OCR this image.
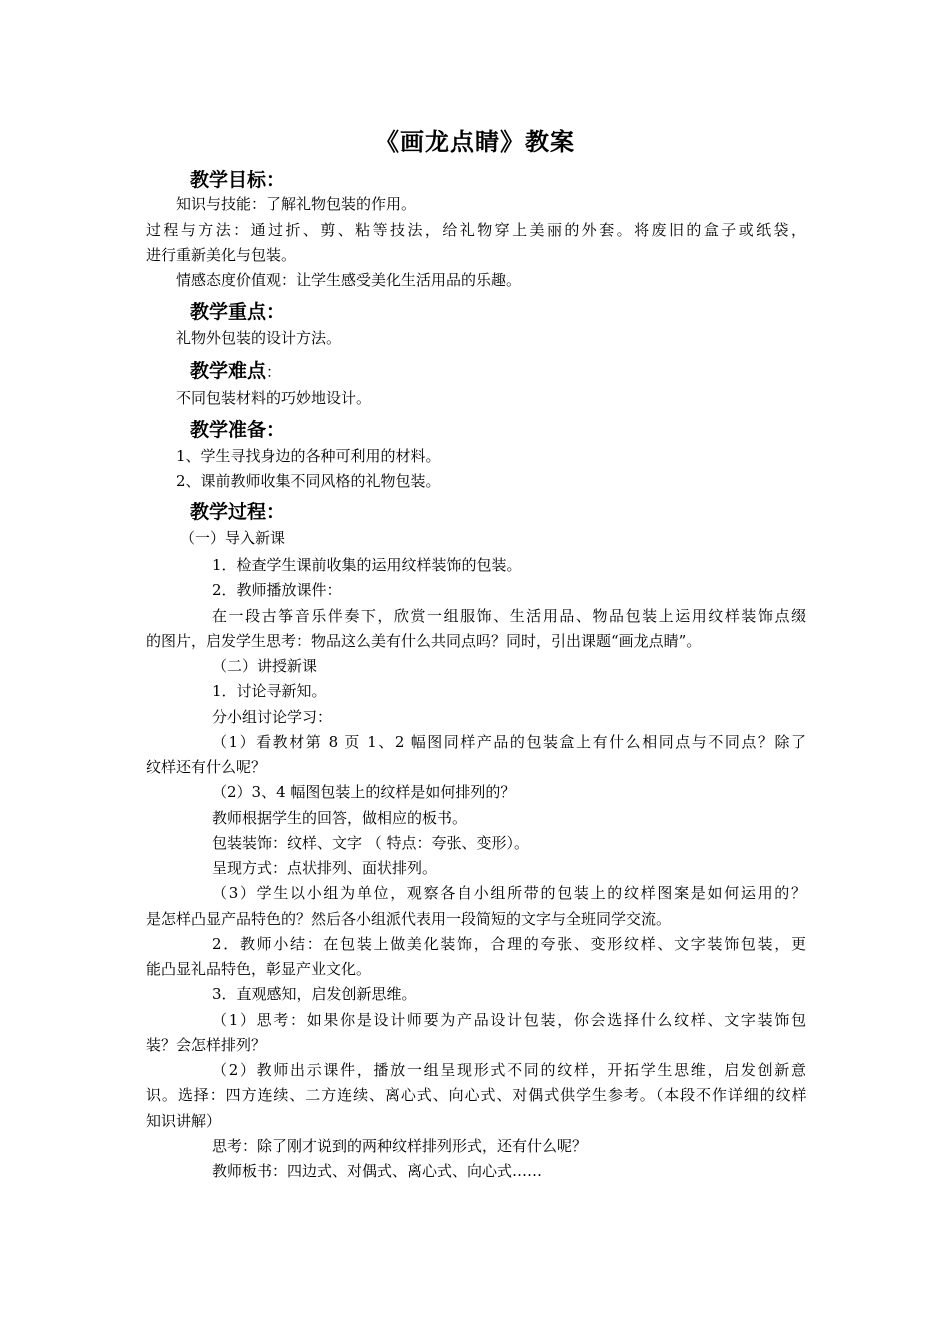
《画龙点睛》教案
教学目标：
知识与技能：了解礼物包装的作用。
过程与方法：通过折、剪、粘等技法，给礼物穿上美丽的外套。将废旧的盒子或纸袋，
进行重新美化与包装。
情感态度价值观：让学生感受美化生活用品的乐趣。
教学重点：
礼物外包装的设计方法。
教学难点：
不同包装材料的巧妙地设计。
教学准备：
1、学生寻找身边的各种可利用的材料。
2、课前教师收集不同风格的礼物包装。
教学过程：
（一）导入新课
1．检查学生课前收集的运用纹样装饰的包装。
2．教师播放课件：
在一段古筝音乐伴奏下，欣赏一组服饰、生活用品、物品包装上运用纹样装饰点缀
的图片，启发学生思考：物品这么美有什么共同点吗？同时，引出课题“画龙点睛”。
（二）讲授新课
1．讨论寻新知。
分小组讨论学习：
（1）看教材第 8 页 1、2 幅图同样产品的包装盒上有什么相同点与不同点？除了
纹样还有什么呢？
（2）3、4 幅图包装上的纹样是如何排列的？
教师根据学生的回答，做相应的板书。
包装装饰：纹样、文字 （ 特点：夸张、变形）。
呈现方式：点状排列、面状排列。
（3）学生以小组为单位，观察各自小组所带的包装上的纹样图案是如何运用的？
是怎样凸显产品特色的？然后各小组派代表用一段简短的文字与全班同学交流。
2．教师小结：在包装上做美化装饰，合理的夸张、变形纹样、文字装饰包装，更
能凸显礼品特色，彰显产业文化。
3．直观感知，启发创新思维。
（1）思考：如果你是设计师要为产品设计包装，你会选择什么纹样、文字装饰包
装？会怎样排列？
（2）教师出示课件，播放一组呈现形式不同的纹样，开拓学生思维，启发创新意
识。选择：四方连续、二方连续、离心式、向心式、对偶式供学生参考。（本段不作详细的纹样
知识讲解）
思考：除了刚才说到的两种纹样排列形式，还有什么呢？
教师板书：四边式、对偶式、离心式、向心式……
